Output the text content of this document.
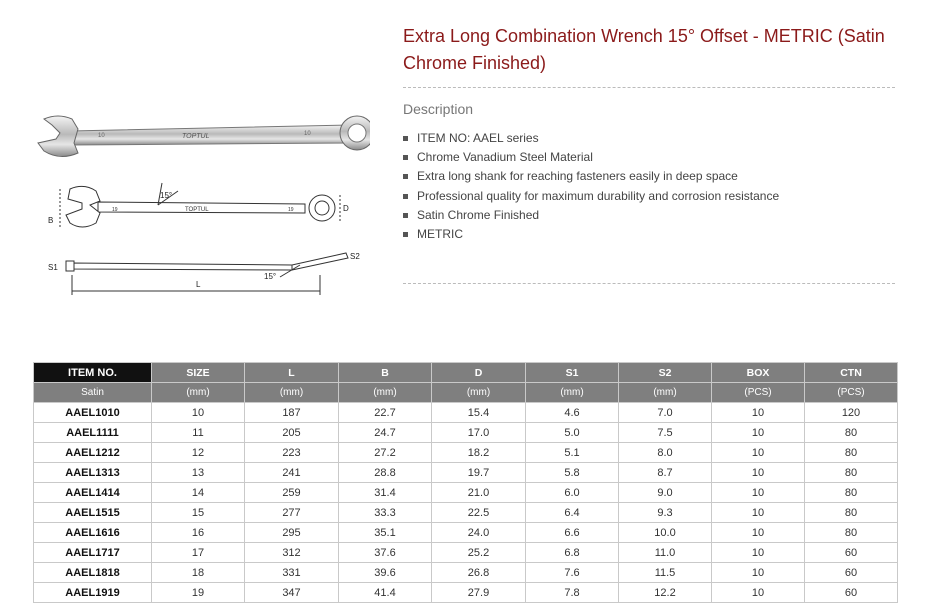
TOPTUL
10	10
TOPTUL
19	19
15°
B
D
S1
S2
L
15°
Extra Long Combination Wrench 15° Offset - METRIC (Satin Chrome Finished)
Description
ITEM NO: AAEL series
Chrome Vanadium Steel Material
Extra long shank for reaching fasteners easily in deep space
Professional quality for maximum durability and corrosion resistance
Satin Chrome Finished
METRIC
ITEM NO.	SIZE	L	B	D	S1	S2	BOX	CTN
Satin	(mm)	(mm)	(mm)	(mm)	(mm)	(mm)	(PCS)	(PCS)
AAEL1010	10	187	22.7	15.4	4.6	7.0	10	120
AAEL1111	11	205	24.7	17.0	5.0	7.5	10	80
AAEL1212	12	223	27.2	18.2	5.1	8.0	10	80
AAEL1313	13	241	28.8	19.7	5.8	8.7	10	80
AAEL1414	14	259	31.4	21.0	6.0	9.0	10	80
AAEL1515	15	277	33.3	22.5	6.4	9.3	10	80
AAEL1616	16	295	35.1	24.0	6.6	10.0	10	80
AAEL1717	17	312	37.6	25.2	6.8	11.0	10	60
AAEL1818	18	331	39.6	26.8	7.6	11.5	10	60
AAEL1919	19	347	41.4	27.9	7.8	12.2	10	60
